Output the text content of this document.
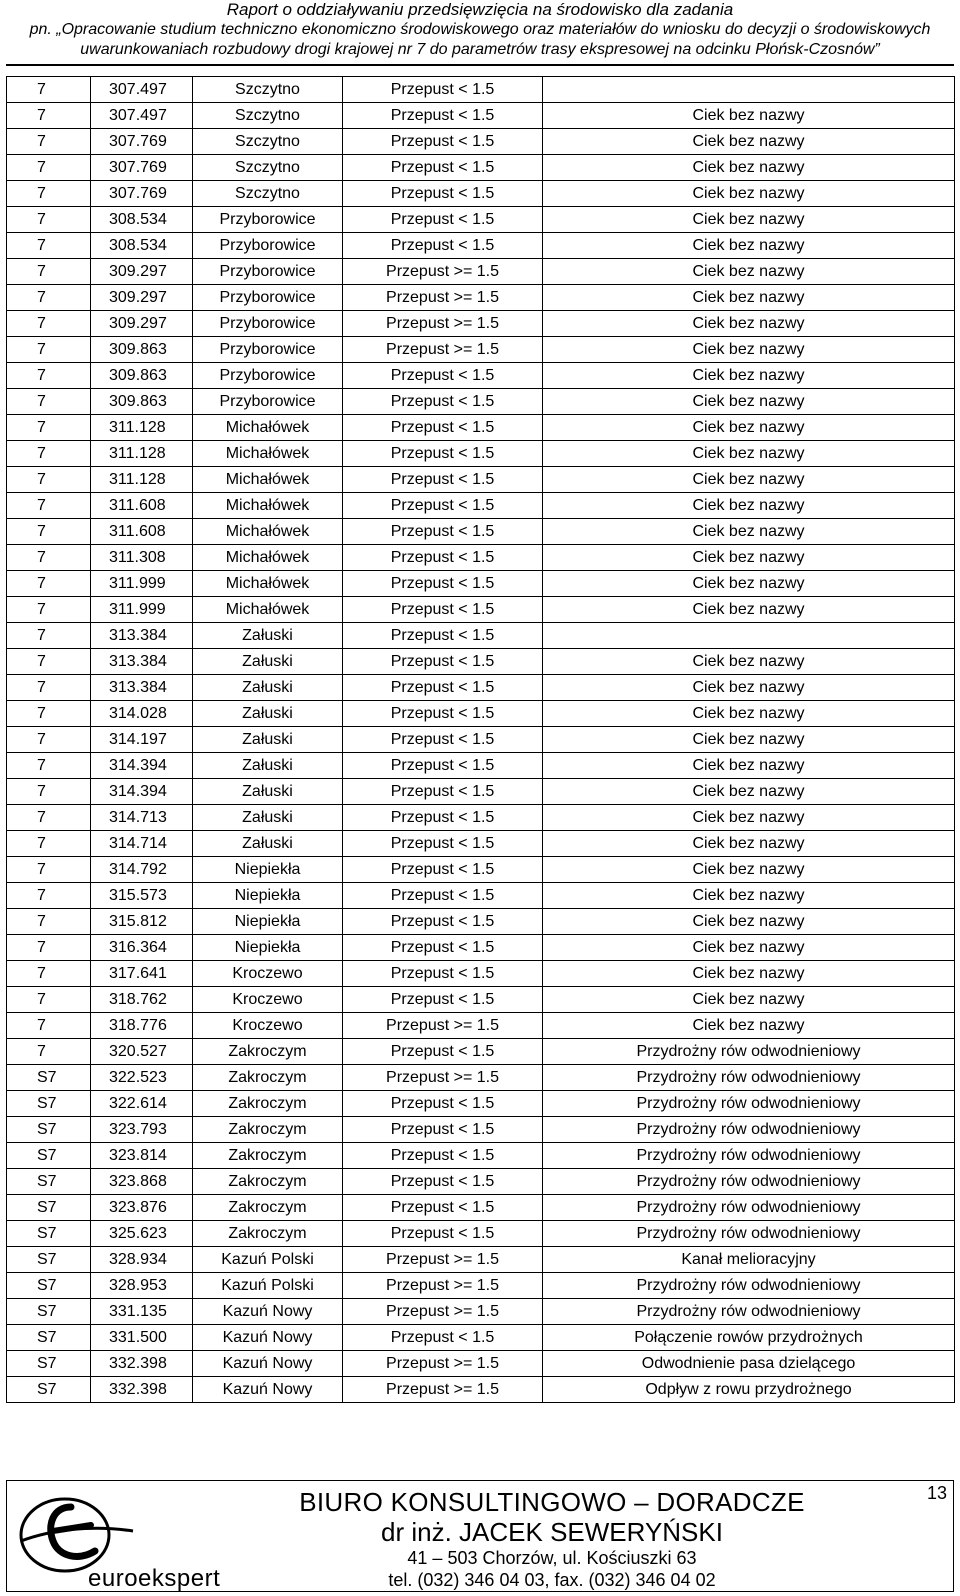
Raport o oddziaływaniu przedsięwzięcia na środowisko dla zadania
pn. „Opracowanie studium techniczno ekonomiczno środowiskowego oraz materiałów do wniosku do decyzji o środowiskowych
uwarunkowaniach rozbudowy drogi krajowej nr 7 do parametrów trasy ekspresowej na odcinku Płońsk-Czosnów”
7	307.497	Szczytno	Przepust < 1.5	
7	307.497	Szczytno	Przepust < 1.5	Ciek bez nazwy
7	307.769	Szczytno	Przepust < 1.5	Ciek bez nazwy
7	307.769	Szczytno	Przepust < 1.5	Ciek bez nazwy
7	307.769	Szczytno	Przepust < 1.5	Ciek bez nazwy
7	308.534	Przyborowice	Przepust < 1.5	Ciek bez nazwy
7	308.534	Przyborowice	Przepust < 1.5	Ciek bez nazwy
7	309.297	Przyborowice	Przepust >= 1.5	Ciek bez nazwy
7	309.297	Przyborowice	Przepust >= 1.5	Ciek bez nazwy
7	309.297	Przyborowice	Przepust >= 1.5	Ciek bez nazwy
7	309.863	Przyborowice	Przepust >= 1.5	Ciek bez nazwy
7	309.863	Przyborowice	Przepust < 1.5	Ciek bez nazwy
7	309.863	Przyborowice	Przepust < 1.5	Ciek bez nazwy
7	311.128	Michałówek	Przepust < 1.5	Ciek bez nazwy
7	311.128	Michałówek	Przepust < 1.5	Ciek bez nazwy
7	311.128	Michałówek	Przepust < 1.5	Ciek bez nazwy
7	311.608	Michałówek	Przepust < 1.5	Ciek bez nazwy
7	311.608	Michałówek	Przepust < 1.5	Ciek bez nazwy
7	311.308	Michałówek	Przepust < 1.5	Ciek bez nazwy
7	311.999	Michałówek	Przepust < 1.5	Ciek bez nazwy
7	311.999	Michałówek	Przepust < 1.5	Ciek bez nazwy
7	313.384	Załuski	Przepust < 1.5	
7	313.384	Załuski	Przepust < 1.5	Ciek bez nazwy
7	313.384	Załuski	Przepust < 1.5	Ciek bez nazwy
7	314.028	Załuski	Przepust < 1.5	Ciek bez nazwy
7	314.197	Załuski	Przepust < 1.5	Ciek bez nazwy
7	314.394	Załuski	Przepust < 1.5	Ciek bez nazwy
7	314.394	Załuski	Przepust < 1.5	Ciek bez nazwy
7	314.713	Załuski	Przepust < 1.5	Ciek bez nazwy
7	314.714	Załuski	Przepust < 1.5	Ciek bez nazwy
7	314.792	Niepiekła	Przepust < 1.5	Ciek bez nazwy
7	315.573	Niepiekła	Przepust < 1.5	Ciek bez nazwy
7	315.812	Niepiekła	Przepust < 1.5	Ciek bez nazwy
7	316.364	Niepiekła	Przepust < 1.5	Ciek bez nazwy
7	317.641	Kroczewo	Przepust < 1.5	Ciek bez nazwy
7	318.762	Kroczewo	Przepust < 1.5	Ciek bez nazwy
7	318.776	Kroczewo	Przepust >= 1.5	Ciek bez nazwy
7	320.527	Zakroczym	Przepust < 1.5	Przydrożny rów odwodnieniowy
S7	322.523	Zakroczym	Przepust >= 1.5	Przydrożny rów odwodnieniowy
S7	322.614	Zakroczym	Przepust < 1.5	Przydrożny rów odwodnieniowy
S7	323.793	Zakroczym	Przepust < 1.5	Przydrożny rów odwodnieniowy
S7	323.814	Zakroczym	Przepust < 1.5	Przydrożny rów odwodnieniowy
S7	323.868	Zakroczym	Przepust < 1.5	Przydrożny rów odwodnieniowy
S7	323.876	Zakroczym	Przepust < 1.5	Przydrożny rów odwodnieniowy
S7	325.623	Zakroczym	Przepust < 1.5	Przydrożny rów odwodnieniowy
S7	328.934	Kazuń Polski	Przepust >= 1.5	Kanał melioracyjny
S7	328.953	Kazuń Polski	Przepust >= 1.5	Przydrożny rów odwodnieniowy
S7	331.135	Kazuń Nowy	Przepust >= 1.5	Przydrożny rów odwodnieniowy
S7	331.500	Kazuń Nowy	Przepust < 1.5	Połączenie rowów przydrożnych
S7	332.398	Kazuń Nowy	Przepust >= 1.5	Odwodnienie pasa dzielącego
S7	332.398	Kazuń Nowy	Przepust >= 1.5	Odpływ z rowu przydrożnego
euroekspert
BIURO KONSULTINGOWO – DORADCZE
dr inż. JACEK SEWERYŃSKI
41 – 503 Chorzów, ul. Kościuszki 63
tel. (032) 346 04 03, fax. (032) 346 04 02
13
